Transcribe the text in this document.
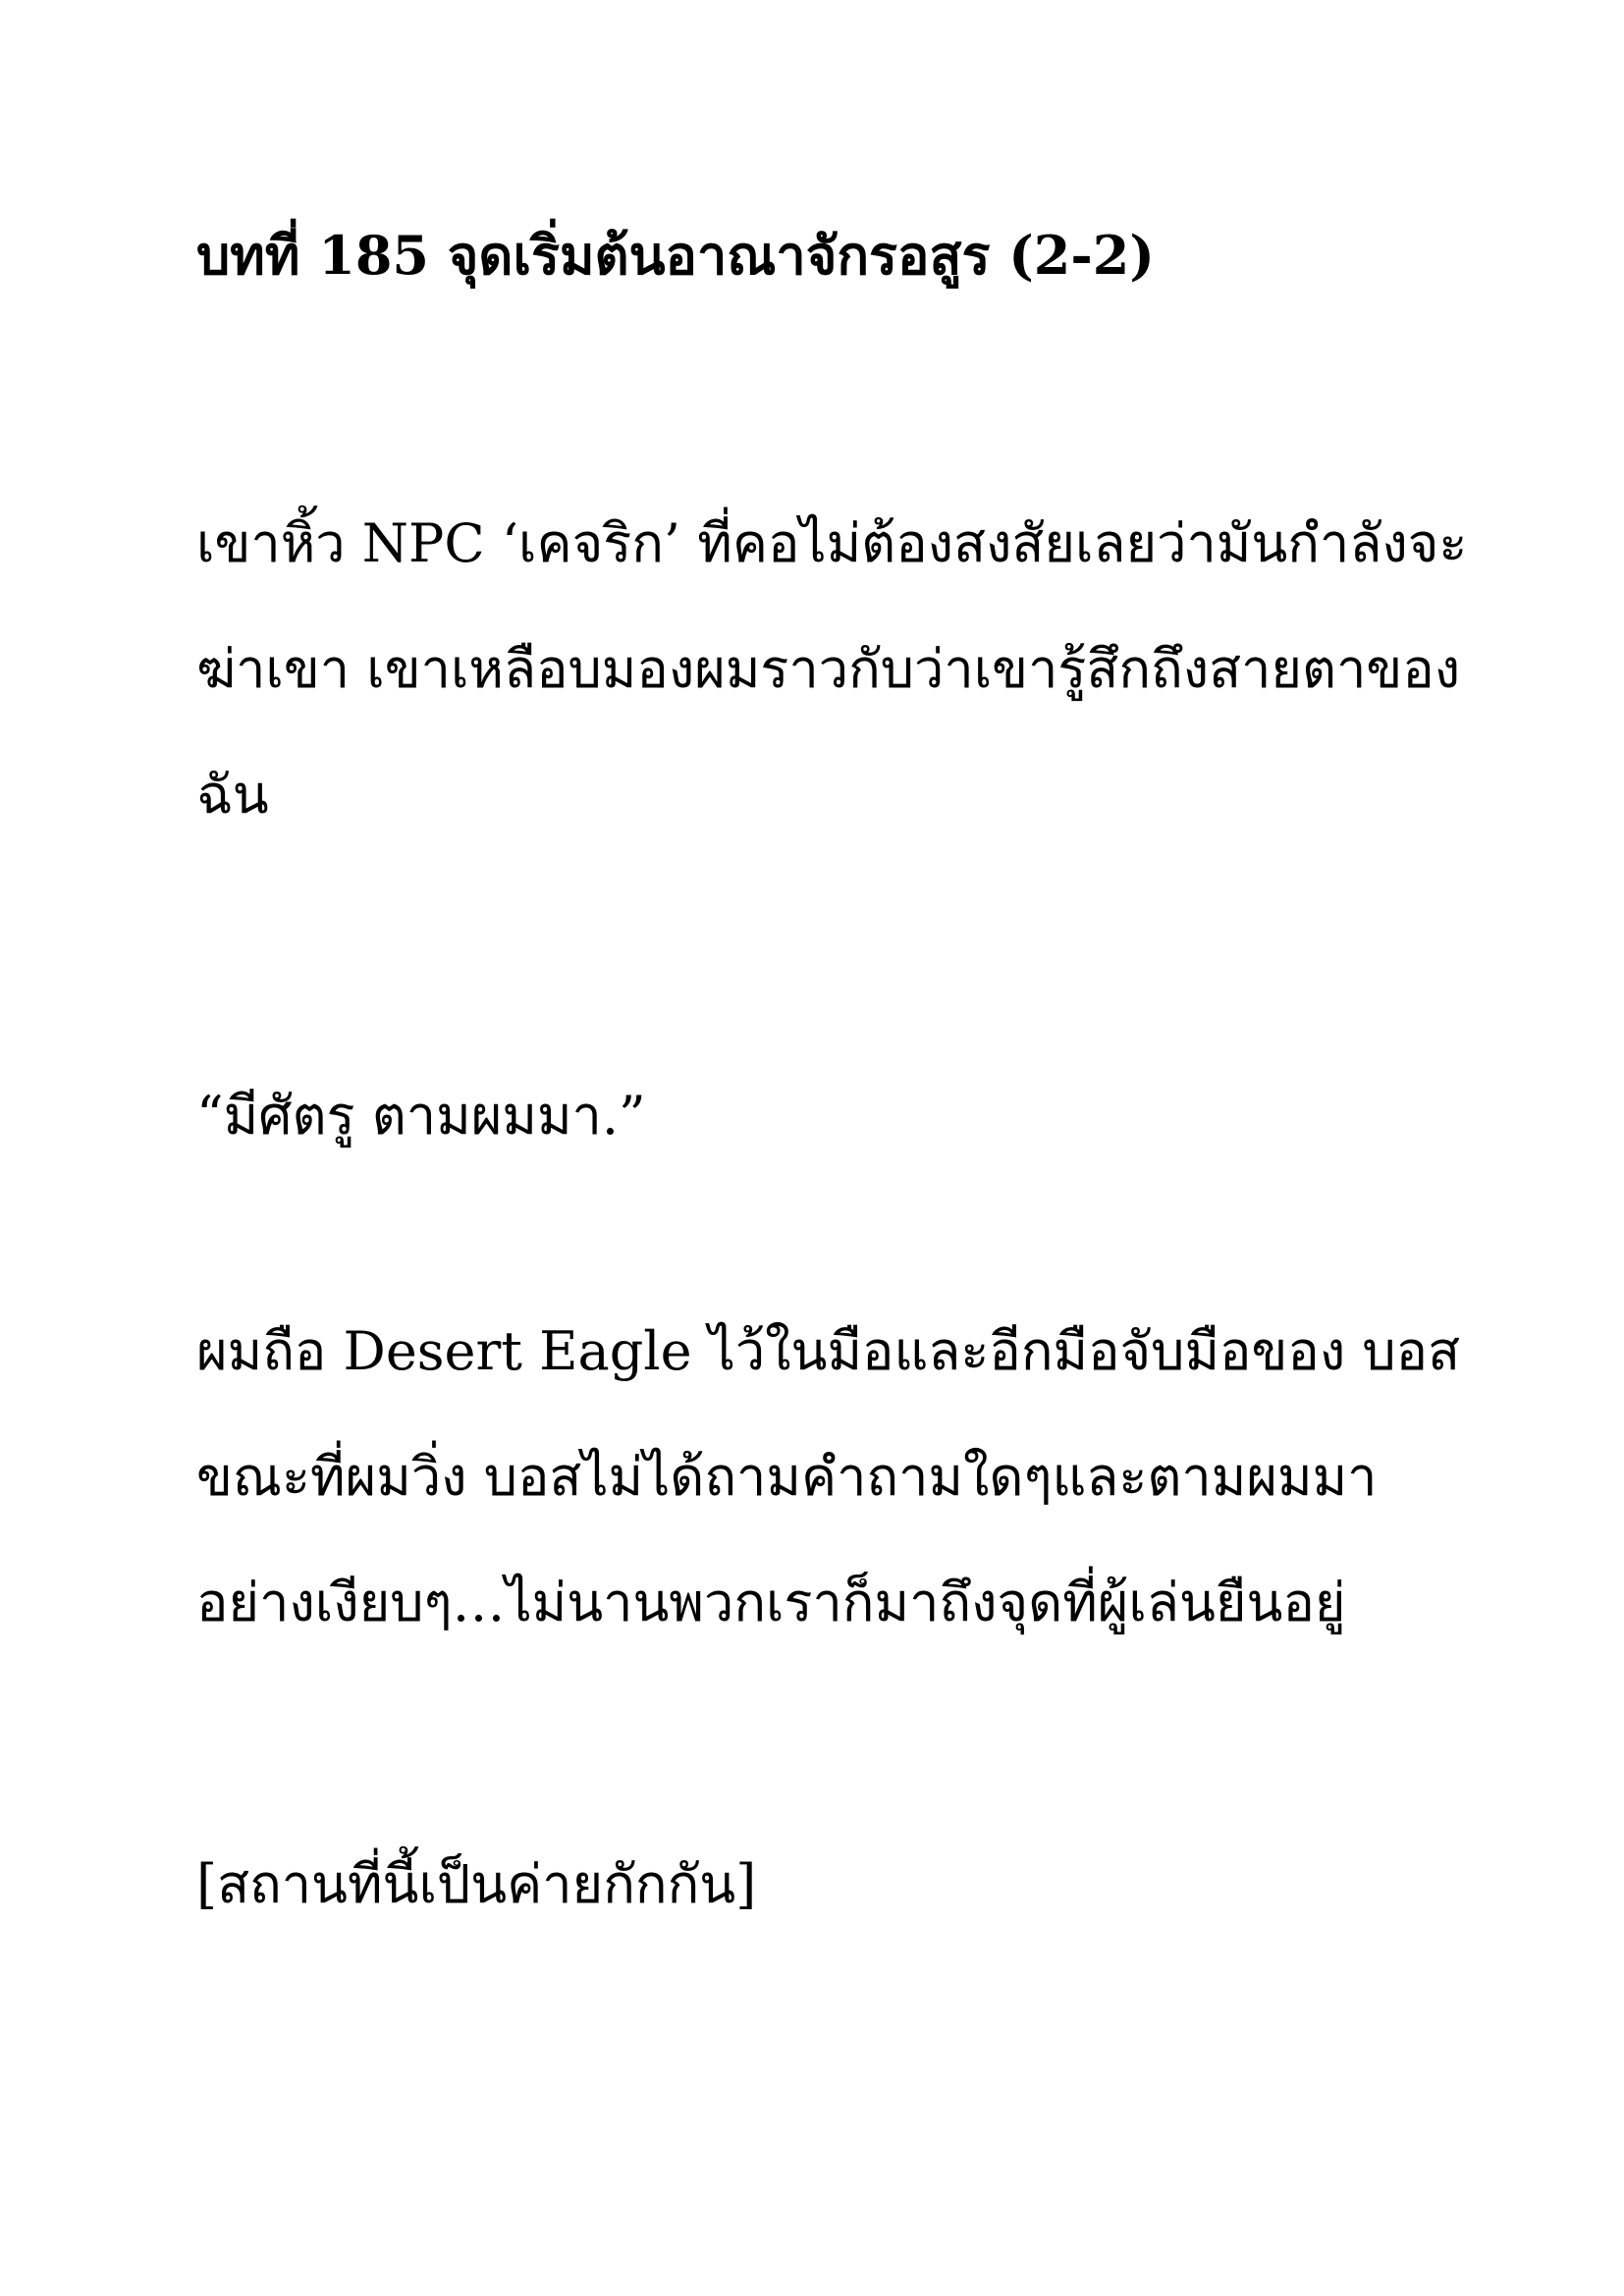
บทที่ 185 จุดเริ่มต้นอาณาจักรอสูร (2-2)
เขาหิ้ว NPC ‘เคจริก’ ที่คอไม่ต้องสงสัยเลยว่ามันกำลังจะ
ฆ่าเขา เขาเหลือบมองผมราวกับว่าเขารู้สึกถึงสายตาของ
ฉัน
“มีศัตรู ตามผมมา.”
ผมถือ Desert Eagle ไว้ในมือและอีกมือจับมือของ บอส
ขณะที่ผมวิ่ง บอสไม่ได้ถามคำถามใดๆและตามผมมา
อย่างเงียบๆ…ไม่นานพวกเราก็มาถึงจุดที่ผู้เล่นยืนอยู่
[สถานที่นี้เป็นค่ายกักกัน]
